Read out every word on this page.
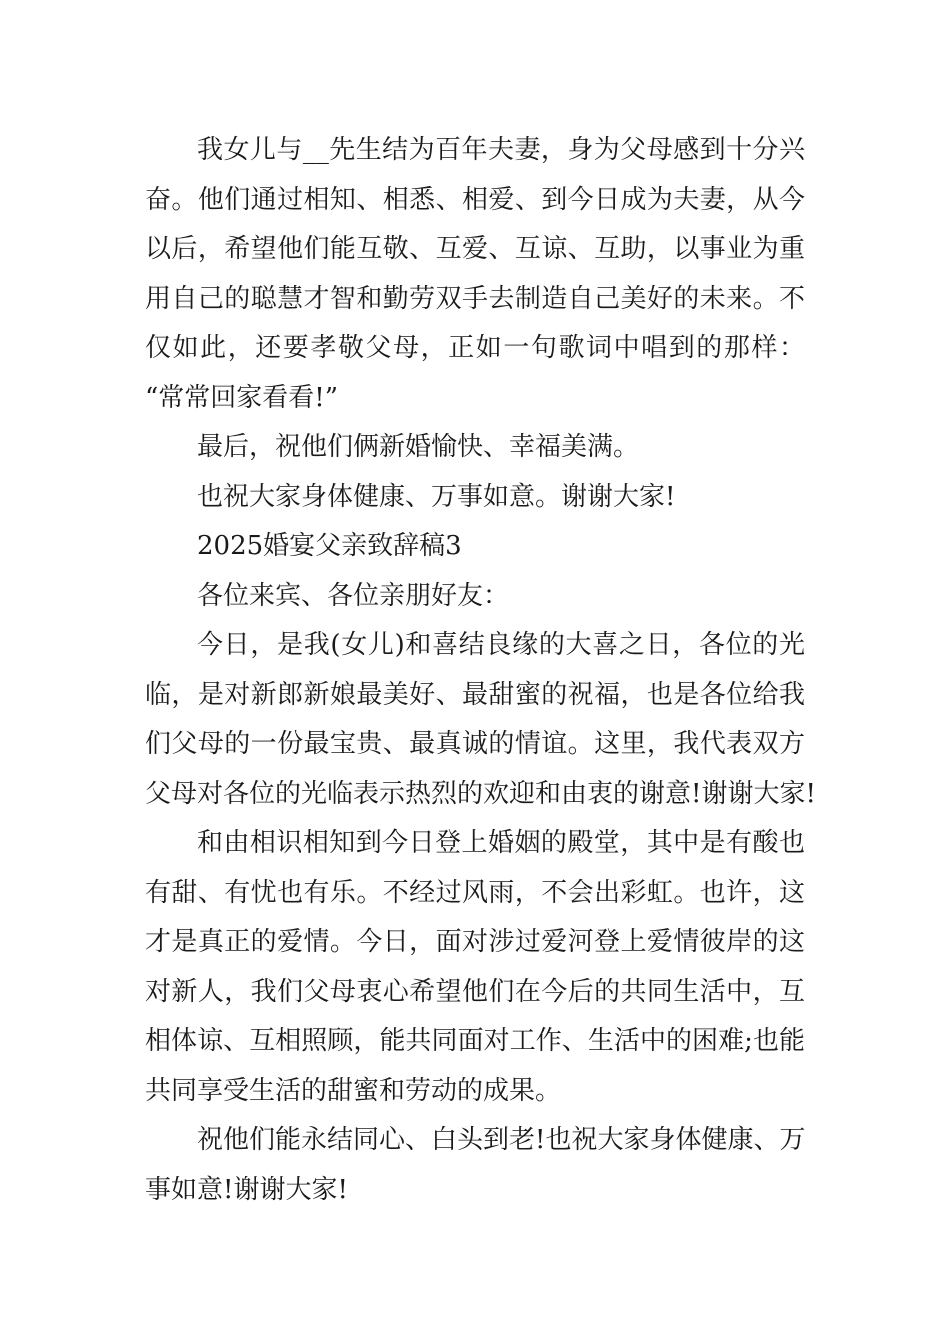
我女儿与__先生结为百年夫妻，身为父母感到十分兴
奋。他们通过相知、相悉、相爱、到今日成为夫妻，从今
以后，希望他们能互敬、互爱、互谅、互助，以事业为重
用自己的聪慧才智和勤劳双手去制造自己美好的未来。不
仅如此，还要孝敬父母，正如一句歌词中唱到的那样：
“常常回家看看!”
最后，祝他们俩新婚愉快、幸福美满。
也祝大家身体健康、万事如意。谢谢大家!
2025婚宴父亲致辞稿3
各位来宾、各位亲朋好友：
今日，是我(女儿)和喜结良缘的大喜之日，各位的光
临，是对新郎新娘最美好、最甜蜜的祝福，也是各位给我
们父母的一份最宝贵、最真诚的情谊。这里，我代表双方
父母对各位的光临表示热烈的欢迎和由衷的谢意!谢谢大家!
和由相识相知到今日登上婚姻的殿堂，其中是有酸也
有甜、有忧也有乐。不经过风雨，不会出彩虹。也许，这
才是真正的爱情。今日，面对涉过爱河登上爱情彼岸的这
对新人，我们父母衷心希望他们在今后的共同生活中，互
相体谅、互相照顾，能共同面对工作、生活中的困难;也能
共同享受生活的甜蜜和劳动的成果。
祝他们能永结同心、白头到老!也祝大家身体健康、万
事如意!谢谢大家!
